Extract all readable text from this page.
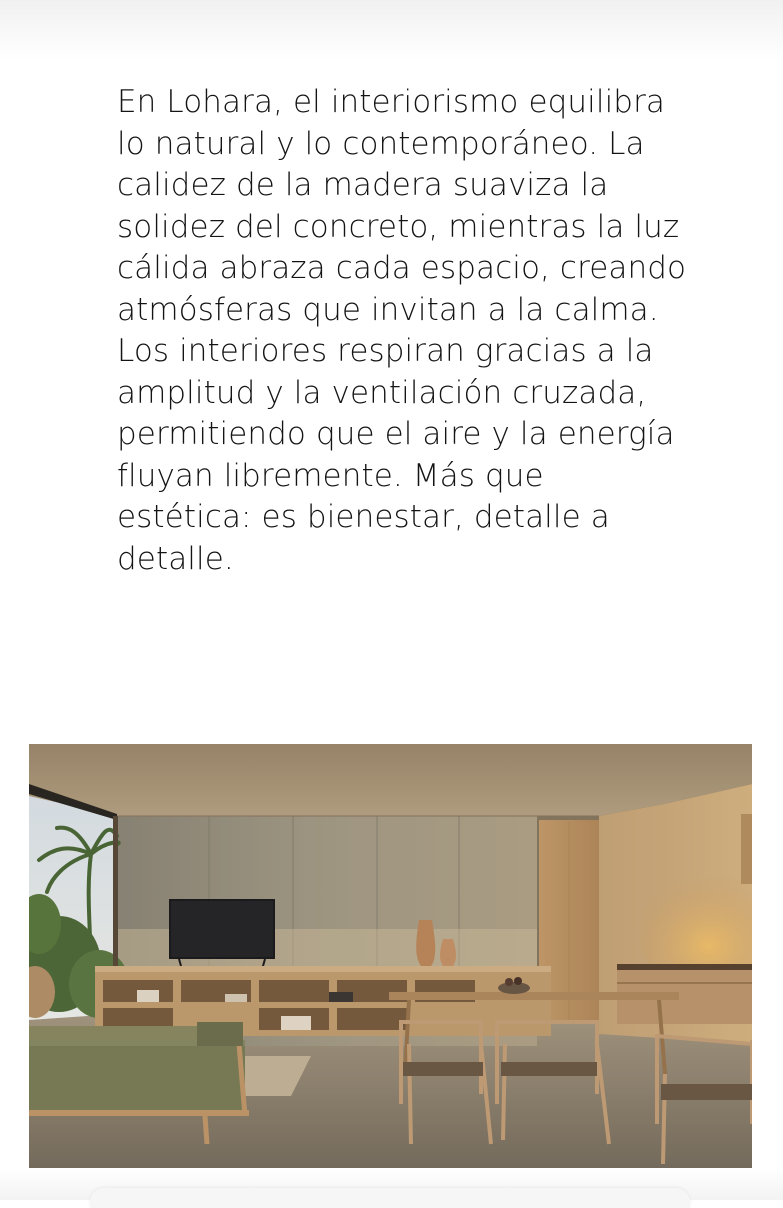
En Lohara, el interiorismo equilibra lo natural y lo contemporáneo. La calidez de la madera suaviza la solidez del concreto, mientras la luz cálida abraza cada espacio, creando atmósferas que invitan a la calma. Los interiores respiran gracias a la amplitud y la ventilación cruzada, permitiendo que el aire y la energía fluyan libremente. Más que estética: es bienestar, detalle a detalle.
